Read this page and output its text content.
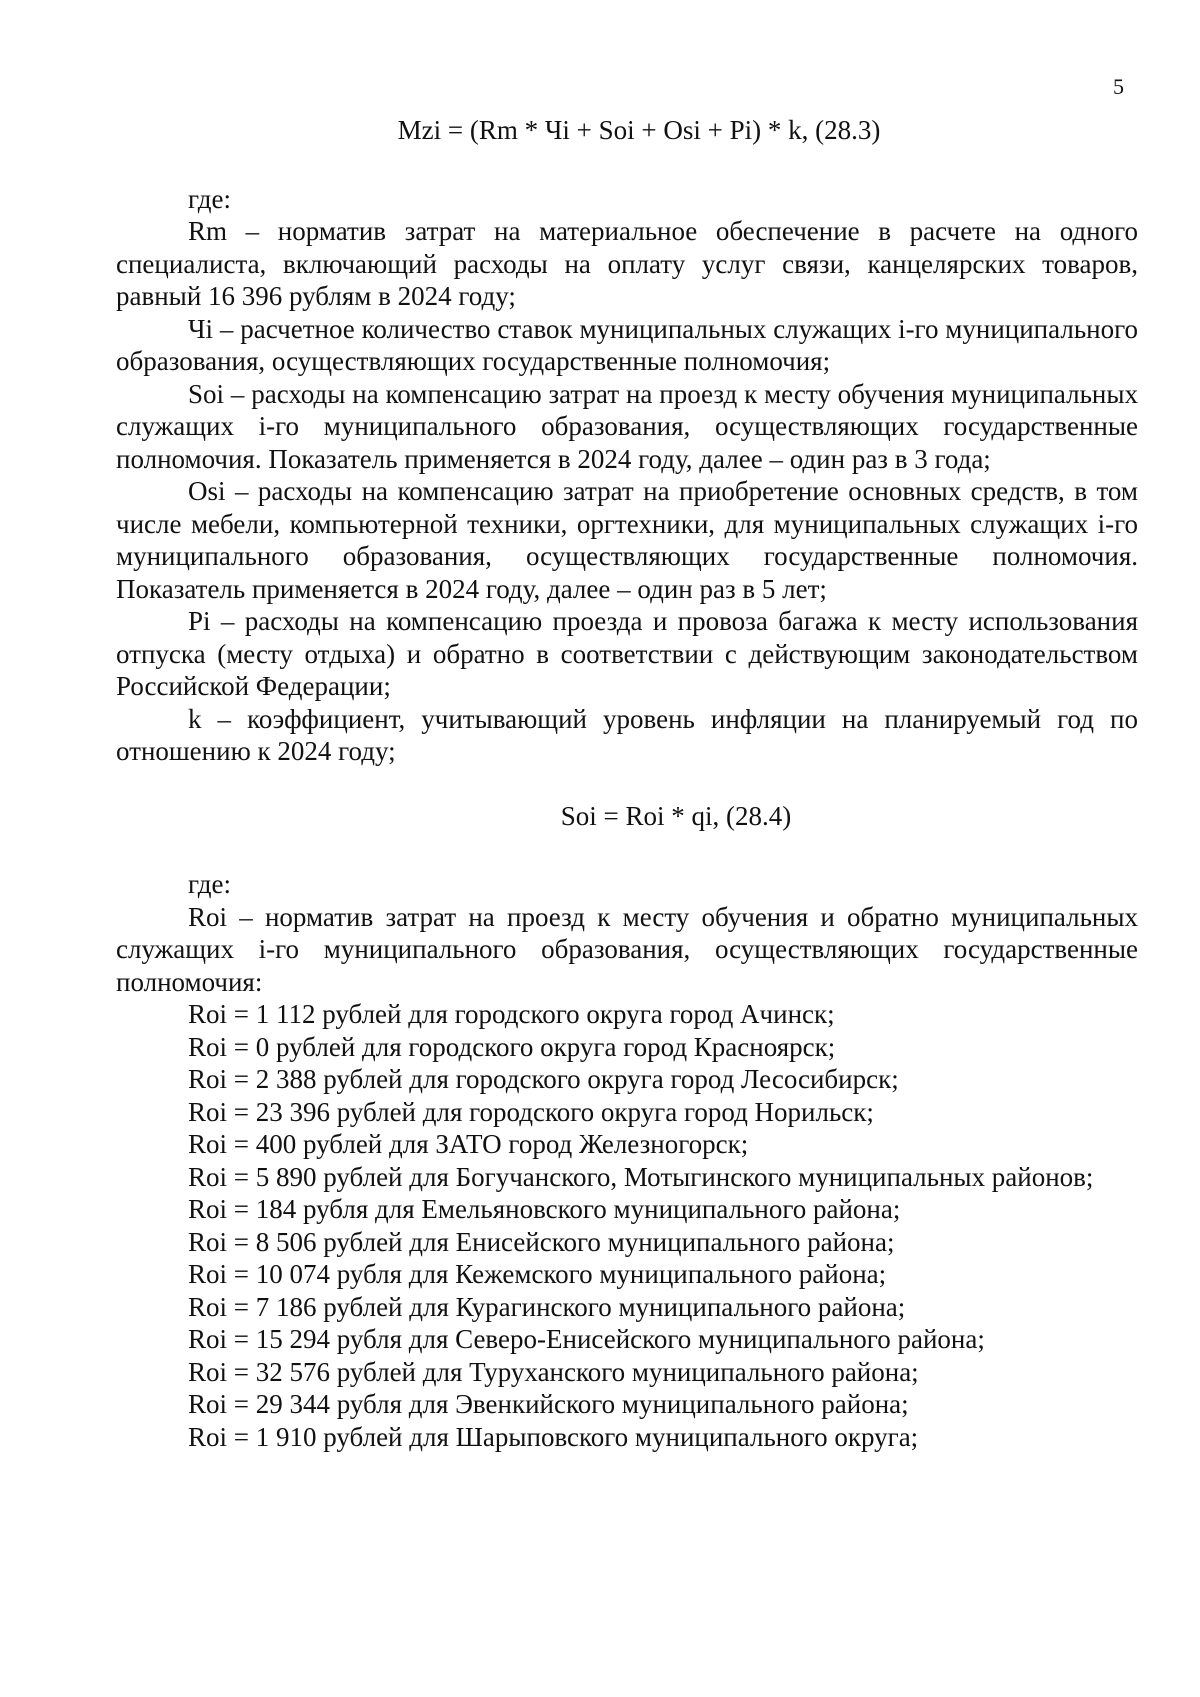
5

Mzi = (Rm * Чi + Soi + Osi + Pi) * k, (28.3)

где:

Rm – норматив затрат на материальное обеспечение в расчете на одного специалиста, включающий расходы на оплату услуг связи, канцелярских товаров, равный 16 396 рублям в 2024 году;

Чi – расчетное количество ставок муниципальных служащих i-го муниципального образования, осуществляющих государственные полномочия;

Soi – расходы на компенсацию затрат на проезд к месту обучения муниципальных служащих i-го муниципального образования, осуществляющих государственные полномочия. Показатель применяется в 2024 году, далее – один раз в 3 года;

Osi – расходы на компенсацию затрат на приобретение основных средств, в том числе мебели, компьютерной техники, оргтехники, для муниципальных служащих i-го муниципального образования, осуществляющих государственные полномочия. Показатель применяется в 2024 году, далее – один раз в 5 лет;

Pi – расходы на компенсацию проезда и провоза багажа к месту использования отпуска (месту отдыха) и обратно в соответствии с действующим законодательством Российской Федерации;

k – коэффициент, учитывающий уровень инфляции на планируемый год по отношению к 2024 году;

Soi = Roi * qi, (28.4)

где:

Roi – норматив затрат на проезд к месту обучения и обратно муниципальных служащих i-го муниципального образования, осуществляющих государственные полномочия:

Roi = 1 112 рублей для городского округа город Ачинск;

Roi = 0 рублей для городского округа город Красноярск;

Roi = 2 388 рублей для городского округа город Лесосибирск;

Roi = 23 396 рублей для городского округа город Норильск;

Roi = 400 рублей для ЗАТО город Железногорск;

Roi = 5 890 рублей для Богучанского, Мотыгинского муниципальных районов;

Roi = 184 рубля для Емельяновского муниципального района;

Roi = 8 506 рублей для Енисейского муниципального района;

Roi = 10 074 рубля для Кежемского муниципального района;

Roi = 7 186 рублей для Курагинского муниципального района;

Roi = 15 294 рубля для Северо-Енисейского муниципального района;

Roi = 32 576 рублей для Туруханского муниципального района;

Roi = 29 344 рубля для Эвенкийского муниципального района;

Roi = 1 910 рублей для Шарыповского муниципального округа;
